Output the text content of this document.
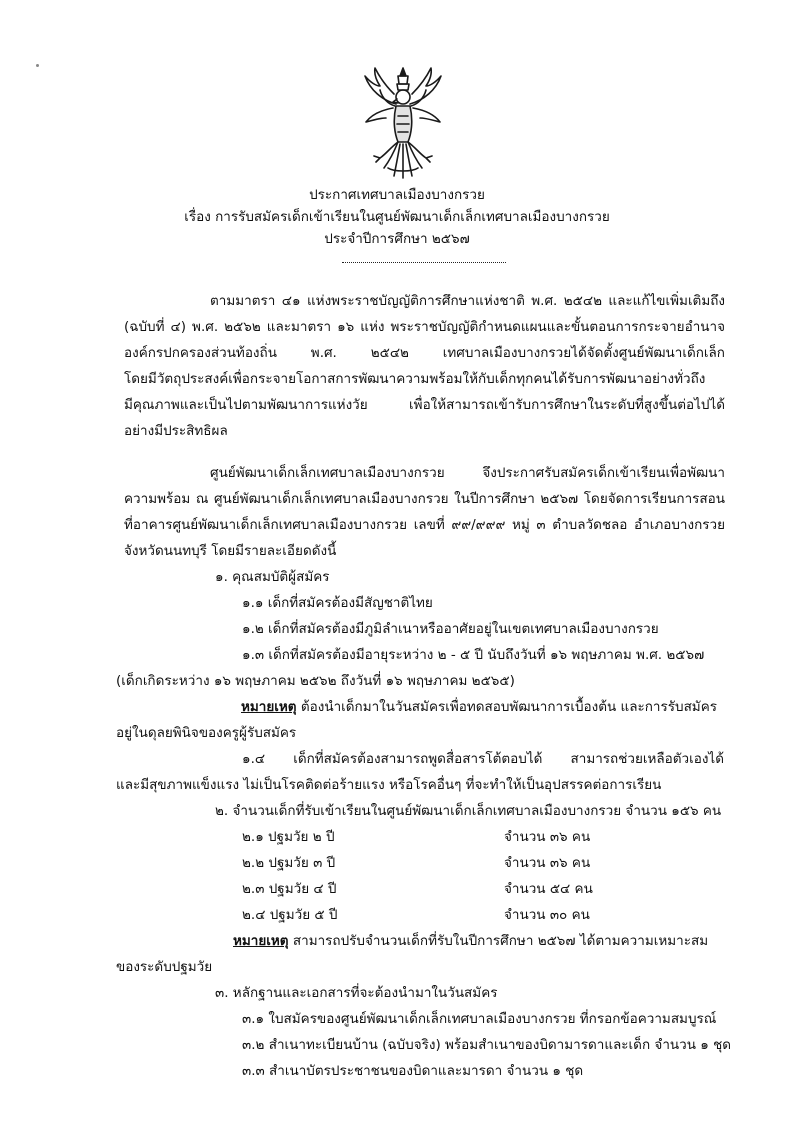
ประกาศเทศบาลเมืองบางกรวย
เรื่อง การรับสมัครเด็กเข้าเรียนในศูนย์พัฒนาเด็กเล็กเทศบาลเมืองบางกรวย
ประจำปีการศึกษา ๒๕๖๗
ตามมาตรา ๔๑ แห่งพระราชบัญญัติการศึกษาแห่งชาติ พ.ศ. ๒๕๔๒ และแก้ไขเพิ่มเติมถึง
(ฉบับที่ ๔) พ.ศ. ๒๕๖๒ และมาตรา ๑๖ แห่ง พระราชบัญญัติกำหนดแผนและขั้นตอนการกระจายอำนาจ
องค์กรปกครองส่วนท้องถิ่น พ.ศ. ๒๕๔๒ เทศบาลเมืองบางกรวยได้จัดตั้งศูนย์พัฒนาเด็กเล็ก
โดยมีวัตถุประสงค์เพื่อกระจายโอกาสการพัฒนาความพร้อมให้กับเด็กทุกคนได้รับการพัฒนาอย่างทั่วถึง
มีคุณภาพและเป็นไปตามพัฒนาการแห่งวัย เพื่อให้สามารถเข้ารับการศึกษาในระดับที่สูงขึ้นต่อไปได้
อย่างมีประสิทธิผล
ศูนย์พัฒนาเด็กเล็กเทศบาลเมืองบางกรวย จึงประกาศรับสมัครเด็กเข้าเรียนเพื่อพัฒนา
ความพร้อม ณ ศูนย์พัฒนาเด็กเล็กเทศบาลเมืองบางกรวย ในปีการศึกษา ๒๕๖๗ โดยจัดการเรียนการสอน
ที่อาคารศูนย์พัฒนาเด็กเล็กเทศบาลเมืองบางกรวย เลขที่ ๙๙/๙๙๙ หมู่ ๓ ตำบลวัดชลอ อำเภอบางกรวย
จังหวัดนนทบุรี โดยมีรายละเอียดดังนี้
๑. คุณสมบัติผู้สมัคร
๑.๑ เด็กที่สมัครต้องมีสัญชาติไทย
๑.๒ เด็กที่สมัครต้องมีภูมิลำเนาหรืออาศัยอยู่ในเขตเทศบาลเมืองบางกรวย
๑.๓ เด็กที่สมัครต้องมีอายุระหว่าง ๒ - ๕ ปี นับถึงวันที่ ๑๖ พฤษภาคม พ.ศ. ๒๕๖๗
(เด็กเกิดระหว่าง ๑๖ พฤษภาคม ๒๕๖๒ ถึงวันที่ ๑๖ พฤษภาคม ๒๕๖๕)
หมายเหตุ ต้องนำเด็กมาในวันสมัครเพื่อทดสอบพัฒนาการเบื้องต้น และการรับสมัคร
อยู่ในดุลยพินิจของครูผู้รับสมัคร
๑.๔ เด็กที่สมัครต้องสามารถพูดสื่อสารโต้ตอบได้ สามารถช่วยเหลือตัวเองได้
และมีสุขภาพแข็งแรง ไม่เป็นโรคติดต่อร้ายแรง หรือโรคอื่นๆ ที่จะทำให้เป็นอุปสรรคต่อการเรียน
๒. จำนวนเด็กที่รับเข้าเรียนในศูนย์พัฒนาเด็กเล็กเทศบาลเมืองบางกรวย จำนวน ๑๕๖ คน
๒.๑ ปฐมวัย ๒ ปี	จำนวน ๓๖ คน
๒.๒ ปฐมวัย ๓ ปี	จำนวน ๓๖ คน
๒.๓ ปฐมวัย ๔ ปี	จำนวน ๕๔ คน
๒.๔ ปฐมวัย ๕ ปี	จำนวน ๓๐ คน
หมายเหตุ สามารถปรับจำนวนเด็กที่รับในปีการศึกษา ๒๕๖๗ ได้ตามความเหมาะสม
ของระดับปฐมวัย
๓. หลักฐานและเอกสารที่จะต้องนำมาในวันสมัคร
๓.๑ ใบสมัครของศูนย์พัฒนาเด็กเล็กเทศบาลเมืองบางกรวย ที่กรอกข้อความสมบูรณ์
๓.๒ สำเนาทะเบียนบ้าน (ฉบับจริง) พร้อมสำเนาของบิดามารดาและเด็ก จำนวน ๑ ชุด
๓.๓ สำเนาบัตรประชาชนของบิดาและมารดา จำนวน ๑ ชุด
